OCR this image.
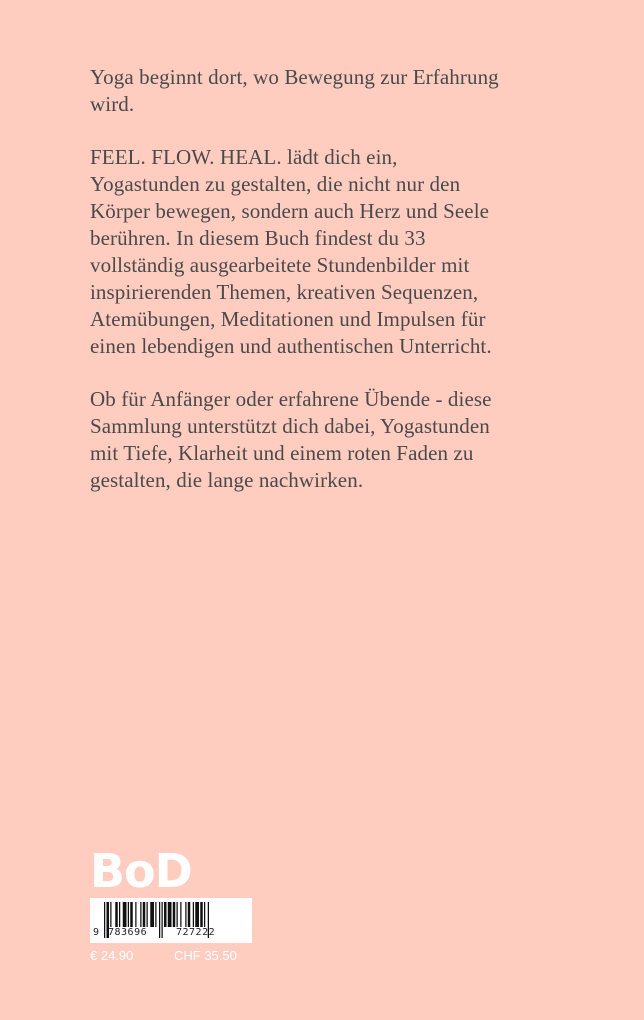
Yoga beginnt dort, wo Bewegung zur Erfahrung
wird.

FEEL. FLOW. HEAL. lädt dich ein,
Yogastunden zu gestalten, die nicht nur den
Körper bewegen, sondern auch Herz und Seele
berühren. In diesem Buch findest du 33
vollständig ausgearbeitete Stundenbilder mit
inspirierenden Themen, kreativen Sequenzen,
Atemübungen, Meditationen und Impulsen für
einen lebendigen und authentischen Unterricht.

Ob für Anfänger oder erfahrene Übende - diese
Sammlung unterstützt dich dabei, Yogastunden
mit Tiefe, Klarheit und einem roten Faden zu
gestalten, die lange nachwirken.

BoD
9 783696	727222
€ 24.90	CHF 35.50
